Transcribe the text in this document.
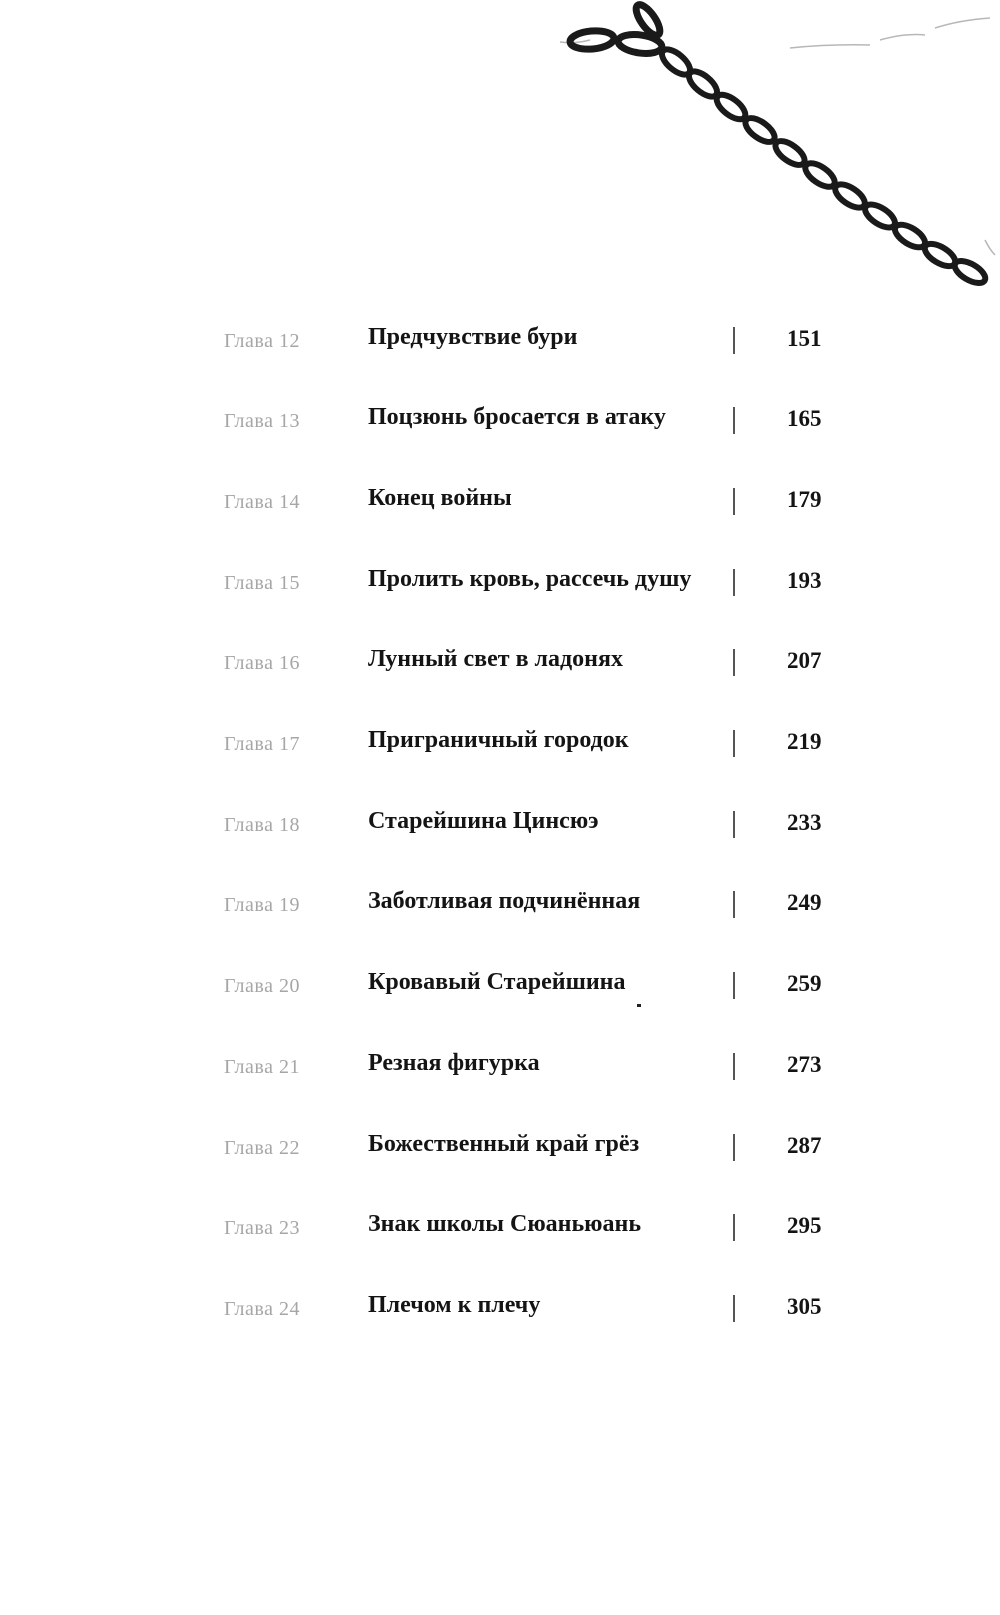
Глава 12	Предчувствие бури	151
Глава 13	Поцзюнь бросается в атаку	165
Глава 14	Конец войны	179
Глава 15	Пролить кровь, рассечь душу	193
Глава 16	Лунный свет в ладонях	207
Глава 17	Приграничный городок	219
Глава 18	Старейшина Цинсюэ	233
Глава 19	Заботливая подчинённая	249
Глава 20	Кровавый Старейшина	259
Глава 21	Резная фигурка	273
Глава 22	Божественный край грёз	287
Глава 23	Знак школы Сюаньюань	295
Глава 24	Плечом к плечу	305
